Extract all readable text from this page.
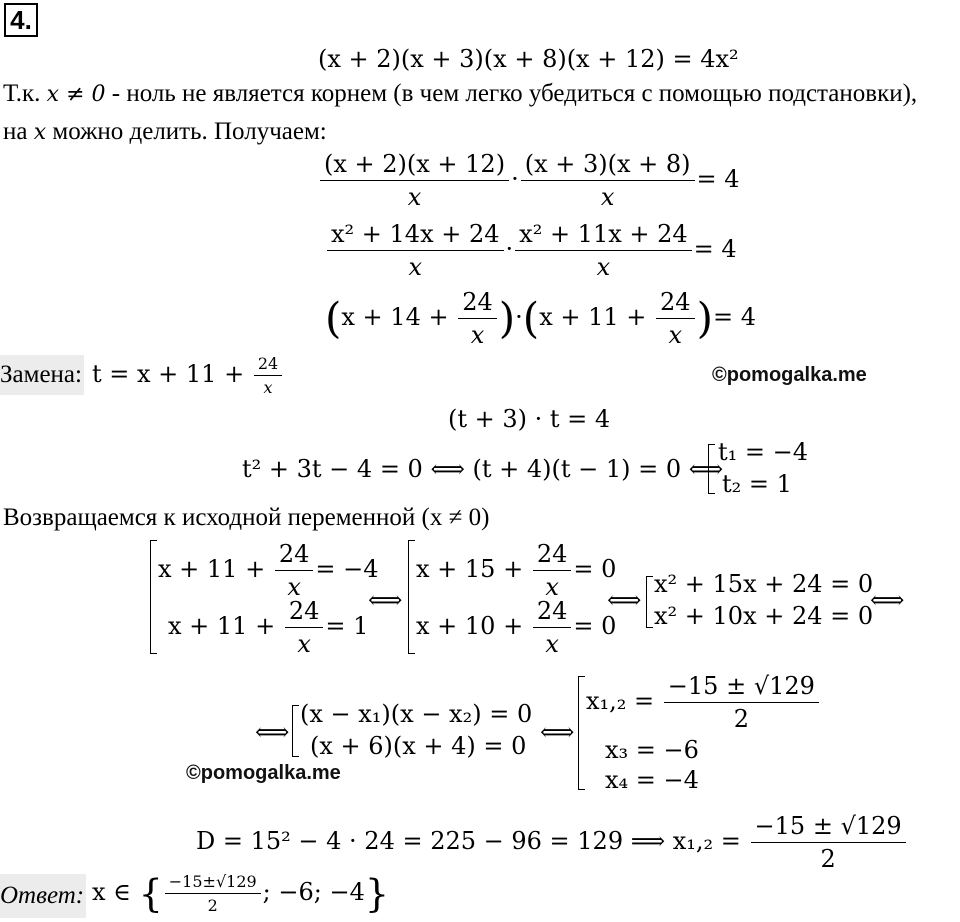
4.
(x + 2)(x + 3)(x + 8)(x + 12) = 4x²
Т.к. x ≠ 0 - ноль не является корнем (в чем легко убедиться с помощью подстановки),
на x можно делить. Получаем:
$\frac{(x + 2)(x + 12)}{x} \cdot \frac{(x + 3)(x + 8)}{x} = 4$
$\frac{\text{x² + 14x + 24}}{x} \cdot \frac{\text{x² + 11x + 24}}{x} = 4$
$(x + 14 + \frac{24}{x} )\cdot(x + 11 + \frac{24}{x}$ )= 4
Замена: $t = x + 11 + \frac{24}{x}$	©pomogalka.me
(t + 3) · t = 4
t² + 3t − 4 = 0 ⟺ (t + 4)(t − 1) = 0 ⟺
t₁ = −4
t₂ = 1
Возвращаемся к исходной переменной (x ≠ 0)
$x + 11 + \frac{24}{x} = -4$
$x + 11 + \frac{24}{x} = 1$
⟺
$x + 15 + \frac{24}{x} = 0$
$x + 10 + \frac{24}{x} = 0$
⟺
x² + 15x + 24 = 0
x² + 10x + 24 = 0
⟺
⟺
(x − x₁)(x − x₂) = 0
(x + 6)(x + 4) = 0 ⟺
$x_1,_2 = \frac{-15 \pm √129}{2}$
x₃ = −6
x₄ = −4
©pomogalka.me
D = 15² − 4 · 24 = 225 − 96 = 129 ⟹ $x_1,_2 = \frac{-15 \pm √129}{2}$
Ответ: x ∈ { $\frac{-15\pm√129}{2}$ ; −6; −4}
